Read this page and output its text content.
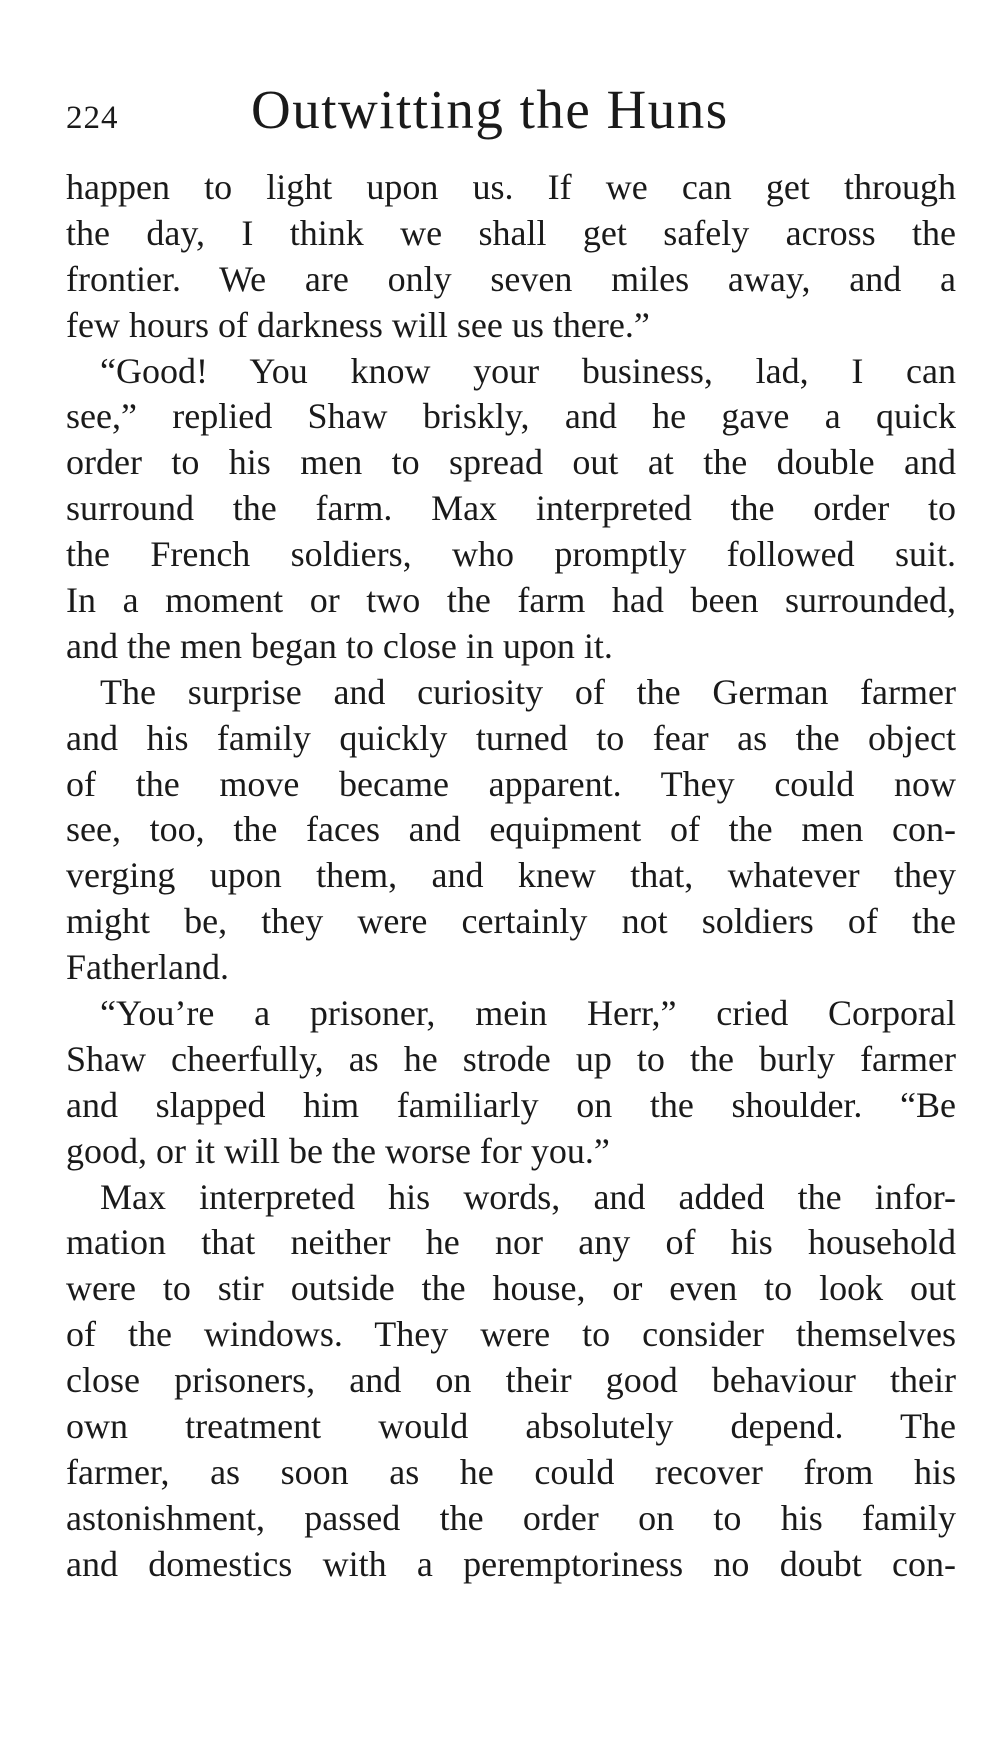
224 Outwitting the Huns
happen to light upon us. If we can get through
the day, I think we shall get safely across the
frontier. We are only seven miles away, and a
few hours of darkness will see us there.”
“Good! You know your business, lad, I can
see,” replied Shaw briskly, and he gave a quick
order to his men to spread out at the double and
surround the farm. Max interpreted the order to
the French soldiers, who promptly followed suit.
In a moment or two the farm had been surrounded,
and the men began to close in upon it.
The surprise and curiosity of the German farmer
and his family quickly turned to fear as the object
of the move became apparent. They could now
see, too, the faces and equipment of the men con-
verging upon them, and knew that, whatever they
might be, they were certainly not soldiers of the
Fatherland.
“You’re a prisoner, mein Herr,” cried Corporal
Shaw cheerfully, as he strode up to the burly farmer
and slapped him familiarly on the shoulder. “Be
good, or it will be the worse for you.”
Max interpreted his words, and added the infor-
mation that neither he nor any of his household
were to stir outside the house, or even to look out
of the windows. They were to consider themselves
close prisoners, and on their good behaviour their
own treatment would absolutely depend. The
farmer, as soon as he could recover from his
astonishment, passed the order on to his family
and domestics with a peremptoriness no doubt con-
